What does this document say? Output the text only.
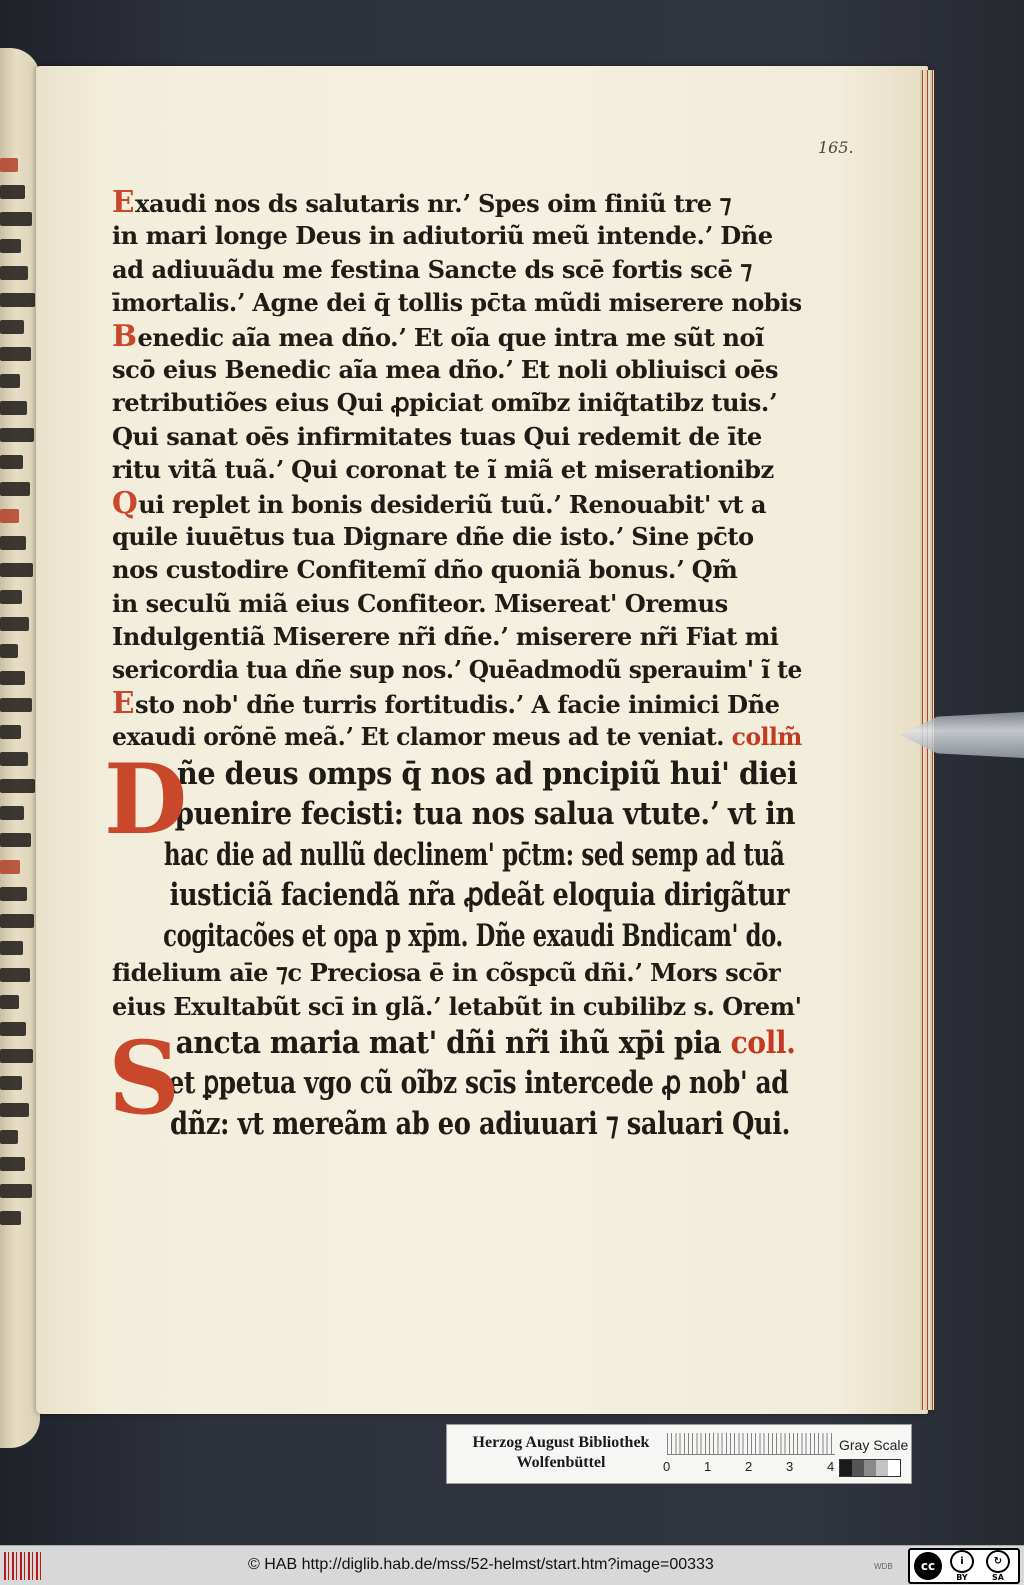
165.
Exaudi nos ds salutaris nr.ʼ Spes oim finiũ tre ⁊
in mari longe Deus in adiutoriũ meũ intende.ʼ Dñe
ad adiuuãdu me festina Sancte ds scē fortis scē ⁊
īmortalis.ʼ Agne dei q̄ tollis pc̄ta mũdi miserere nobis
Benedic aĩa mea dño.ʼ Et oĩa que intra me sũt noĩ
scō eius Benedic aĩa mea dño.ʼ Et noli obliuisci oēs
retributiões eius Qui ꝓpiciat omĩbz iniq̃tatibz tuis.ʼ
Qui sanat oēs infirmitates tuas Qui redemit de īte
ritu vitã tuã.ʼ Qui coronat te ĩ miã et miserationibz
Qui replet in bonis desideriũ tuũ.ʼ Renouabit' vt a
quile iuuētus tua Dignare dñe die isto.ʼ Sine pc̄to
nos custodire Confitemĩ dño quoniã bonus.ʼ Qm̃
in seculũ miã eius Confiteor. Misereat' Oremus
Indulgentiã Miserere nr̃i dñe.ʼ miserere nr̃i Fiat mi
sericordia tua dñe sup nos.ʼ Quēadmodũ sperauim' ĩ te
Esto nob' dñe turris fortitudis.ʼ A facie inimici Dñe
exaudi orõnē meã.ʼ Et clamor meus ad te veniat. collm̃
ñe deus omps q̄ nos ad pncipiũ hui' diei
puenire fecisti: tua nos salua vtute.ʼ vt in
hac die ad nullũ declinem' pc̄tm: sed semp ad tuã
iusticiã faciendã nr̃a ꝓdeãt eloquia dirigãtur
cogitacões et opa p xp̄m. Dñe exaudi Bndicam' do.
fidelium aīe ⁊c Preciosa ē in cõspcũ dñi.ʼ Mors scōr
eius Exultabũt scī in glã.ʼ letabũt in cubilibz s. Orem'
ancta maria mat' dñi nr̃i ihũ xp̄i pia coll.
et ꝑpetua vgo cũ oĩbz scīs intercede ꝓ nob' ad
dñz: vt mereãm ab eo adiuuari ⁊ saluari Qui.
D
S
Herzog August Bibliothek
Wolfenbüttel	0	1	2	3	4
Gray Scale
© HAB http://diglib.hab.de/mss/52-helmst/start.htm?image=00333	WDB	cc	i
BY
↻
SA
